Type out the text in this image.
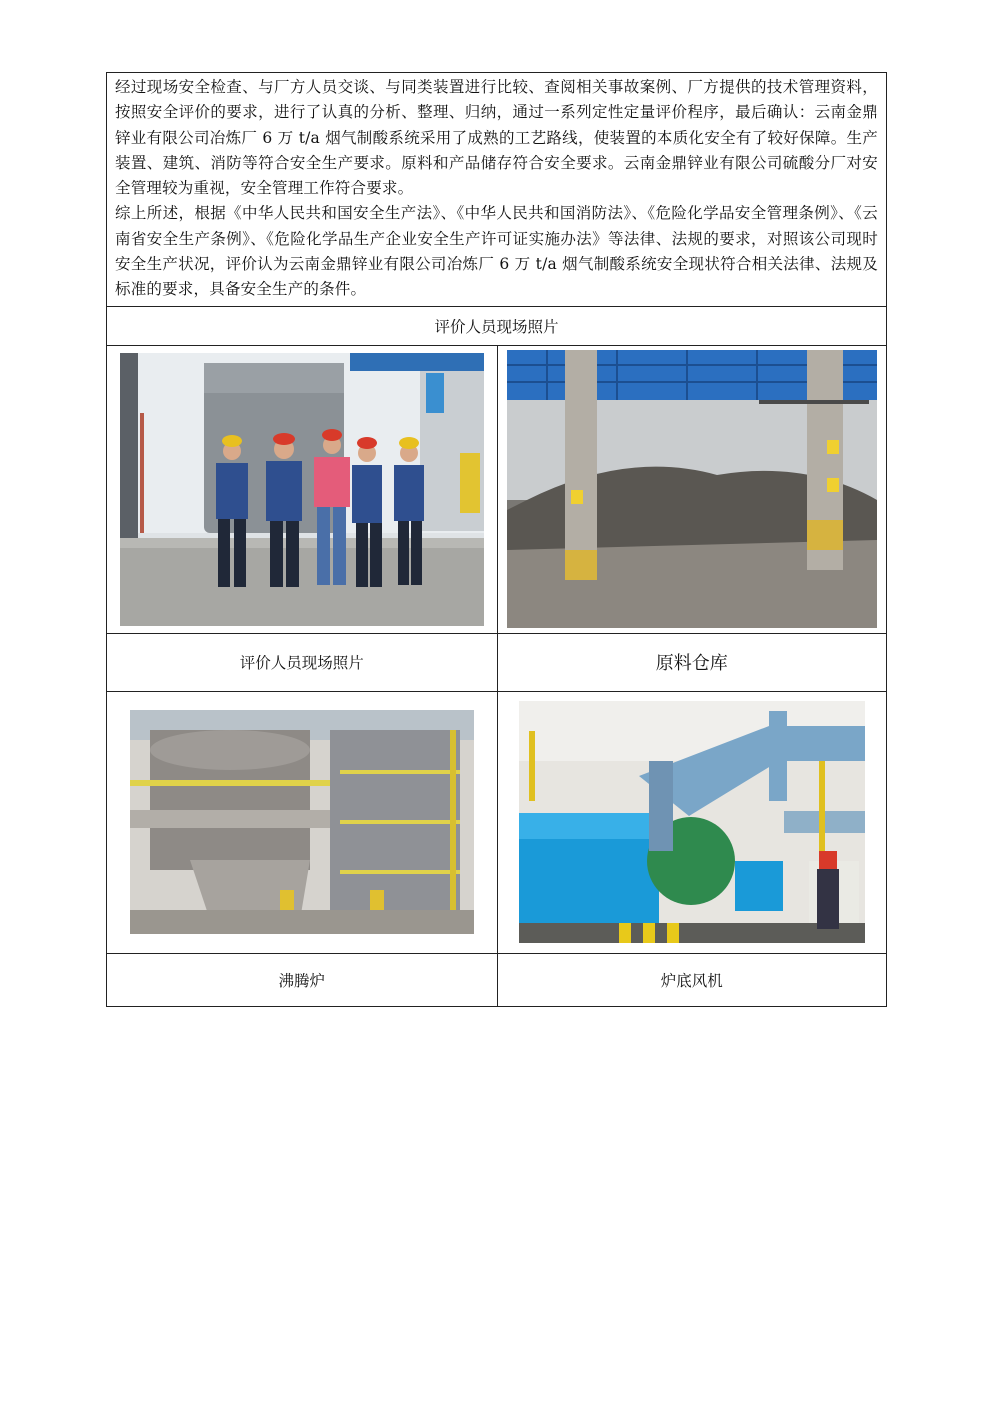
经过现场安全检查、与厂方人员交谈、与同类装置进行比较、查阅相关事故案例、厂方提供的技术管理资料，按照安全评价的要求，进行了认真的分析、整理、归纳，通过一系列定性定量评价程序，最后确认：云南金鼎锌业有限公司冶炼厂 6 万 t/a 烟气制酸系统采用了成熟的工艺路线，使装置的本质化安全有了较好保障。生产装置、建筑、消防等符合安全生产要求。原料和产品储存符合安全要求。云南金鼎锌业有限公司硫酸分厂对安全管理较为重视，安全管理工作符合要求。

综上所述，根据《中华人民共和国安全生产法》、《中华人民共和国消防法》、《危险化学品安全管理条例》、《云南省安全生产条例》、《危险化学品生产企业安全生产许可证实施办法》等法律、法规的要求，对照该公司现时安全生产状况，评价认为云南金鼎锌业有限公司冶炼厂 6 万 t/a 烟气制酸系统安全现状符合相关法律、法规及标准的要求，具备安全生产的条件。

评价人员现场照片
评价人员现场照片	原料仓库
沸腾炉	炉底风机
